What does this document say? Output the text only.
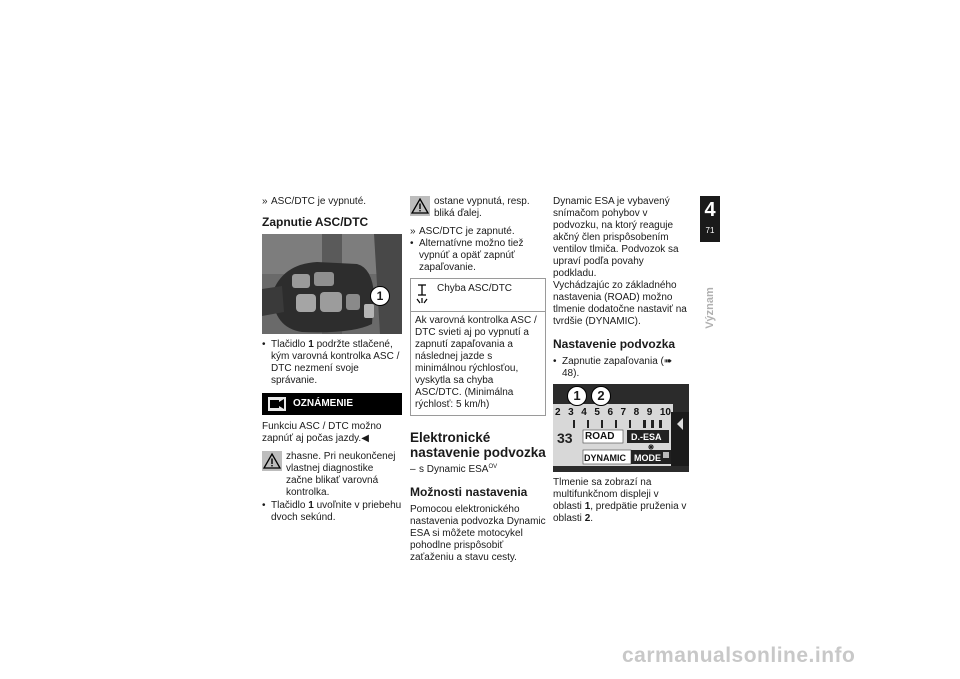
» ASC/DTC je vypnuté.

Zapnutie ASC/DTC

1

• Tlačidlo 1 podržte stlačené, kým varovná kontrolka ASC / DTC nezmení svoje správanie.

OZNÁMENIE

Funkciu ASC / DTC možno zapnúť aj počas jazdy.◀

zhasne. Pri neukončenej vlastnej diagnostike začne blikať varovná kontrolka.

• Tlačidlo 1 uvoľnite v priebehu dvoch sekúnd.

ostane vypnutá, resp. bliká ďalej.

» ASC/DTC je zapnuté.

• Alternatívne možno tiež vypnúť a opäť zapnúť zapaľovanie.

Chyba ASC/DTC

Ak varovná kontrolka ASC / DTC svieti aj po vypnutí a zapnutí zapaľovania a následnej jazde s minimálnou rýchlosťou, vyskytla sa chyba ASC/DTC. (Minimálna rýchlosť: 5 km/h)

Elektronické nastavenie podvozka

– s Dynamic $ESA^{OV}$

Možnosti nastavenia

Pomocou elektronického nastavenia podvozka Dynamic ESA si môžete motocykel pohodlne prispôsobiť zaťaženiu a stavu cesty.

Dynamic ESA je vybavený snímačom pohybov v podvozku, na ktorý reaguje akčný člen prispôsobením ventilov tlmiča. Podvozok sa upraví podľa povahy podkladu.

Vychádzajúc zo základného nastavenia (ROAD) možno tlmenie dodatočne nastaviť na tvrdšie (DYNAMIC).

Nastavenie podvozka

• Zapnutie zapaľovania (➠ 48).

1	2
2 3 4 5 6 7 8 9 10
33 ROAD D.-ESA
DYNAMIC MODE

Tlmenie sa zobrazí na multifunkčnom displeji v oblasti 1, predpätie pruženia v oblasti 2.

4
71
Význam
carmanualsonline.info
